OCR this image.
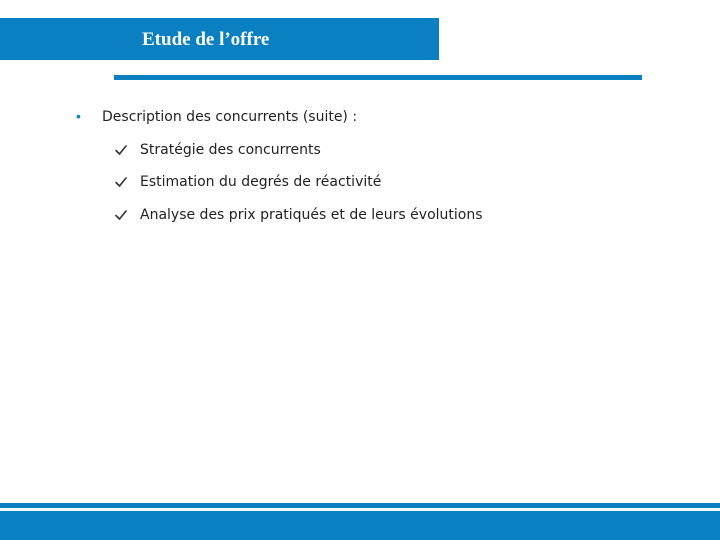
Etude de l’offre
• Description des concurrents (suite) :
Stratégie des concurrents
Estimation du degrés de réactivité
Analyse des prix pratiqués et de leurs évolutions
